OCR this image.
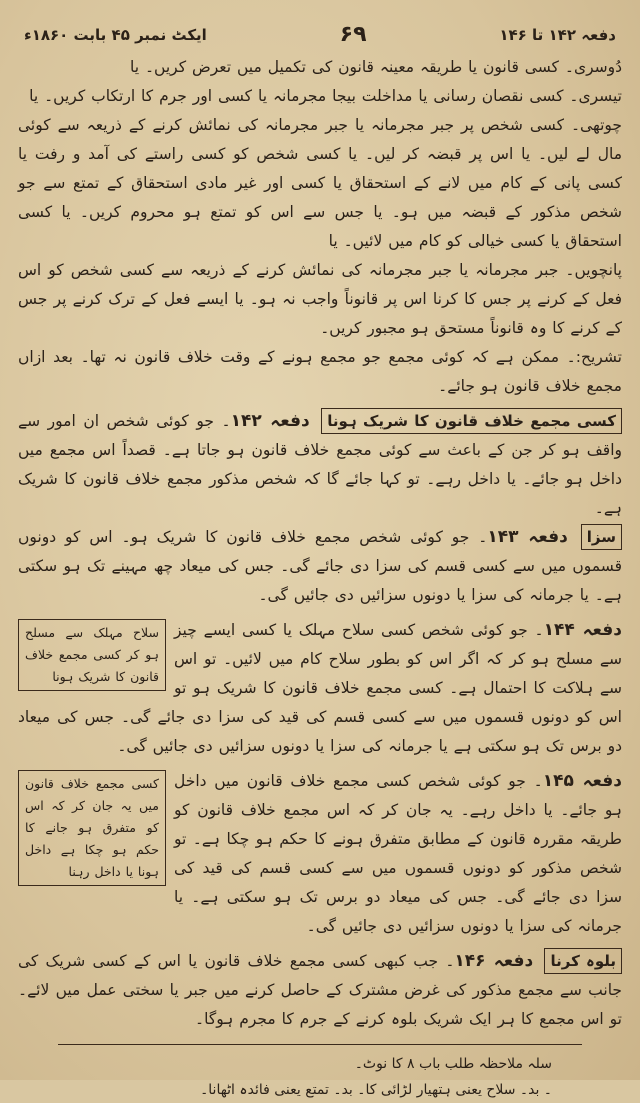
دفعہ ۱۴۲ تا ۱۴۶
۶۹
ایکٹ نمبر ۴۵ بابت ۱۸۶۰ء

دُوسری۔ کسی قانون یا طریقہ معینہ قانون کی تکمیل میں تعرض کریں۔ یا

تیسری۔ کسی نقصان رسانی یا مداخلت بیجا مجرمانہ یا کسی اور جرم کا ارتکاب کریں۔ یا

چوتھی۔ کسی شخص پر جبر مجرمانہ یا جبر مجرمانہ کی نمائش کرنے کے ذریعہ سے کوئی مال لے لیں۔ یا اس پر قبضہ کر لیں۔ یا کسی شخص کو کسی راستے کی آمد و رفت یا کسی پانی کے کام میں لانے کے استحقاق یا کسی اور غیر مادی استحقاق کے تمتع سے جو شخص مذکور کے قبضہ میں ہو۔ یا جس سے اس کو تمتع ہو محروم کریں۔ یا کسی استحقاق یا کسی خیالی کو کام میں لائیں۔ یا

پانچویں۔ جبر مجرمانہ یا جبر مجرمانہ کی نمائش کرنے کے ذریعہ سے کسی شخص کو اس فعل کے کرنے پر جس کا کرنا اس پر قانوناً واجب نہ ہو۔ یا ایسے فعل کے ترک کرنے پر جس کے کرنے کا وہ قانوناً مستحق ہو مجبور کریں۔

تشریح:۔ ممکن ہے کہ کوئی مجمع جو مجمع ہونے کے وقت خلاف قانون نہ تھا۔ بعد ازاں مجمع خلاف قانون ہو جائے۔

کسی مجمع خلاف قانون کا شریک ہونا دفعہ ۱۴۲۔ جو کوئی شخص ان امور سے واقف ہو کر جن کے باعث سے کوئی مجمع خلاف قانون ہو جاتا ہے۔ قصداً اس مجمع میں داخل ہو جائے۔ یا داخل رہے۔ تو کہا جائے گا کہ شخص مذکور مجمع خلاف قانون کا شریک ہے۔

سزا دفعہ ۱۴۳۔ جو کوئی شخص مجمع خلاف قانون کا شریک ہو۔ اس کو دونوں قسموں میں سے کسی قسم کی سزا دی جائے گی۔ جس کی میعاد چھ مہینے تک ہو سکتی ہے۔ یا جرمانہ کی سزا یا دونوں سزائیں دی جائیں گی۔

سلاح مہلک سے مسلح ہو کر کسی مجمع خلاف قانون کا شریک ہونا
دفعہ ۱۴۴۔ جو کوئی شخص کسی سلاح مہلک یا کسی ایسے چیز سے مسلح ہو کر کہ اگر اس کو بطور سلاح کام میں لائیں۔ تو اس سے ہلاکت کا احتمال ہے۔ کسی مجمع خلاف قانون کا شریک ہو تو اس کو دونوں قسموں میں سے کسی قسم کی قید کی سزا دی جائے گی۔ جس کی میعاد دو برس تک ہو سکتی ہے یا جرمانہ کی سزا یا دونوں سزائیں دی جائیں گی۔
کسی مجمع خلاف قانون میں یہ جان کر کہ اس کو متفرق ہو جانے کا حکم ہو چکا ہے داخل ہونا یا داخل رہنا
دفعہ ۱۴۵۔ جو کوئی شخص کسی مجمع خلاف قانون میں داخل ہو جائے۔ یا داخل رہے۔ یہ جان کر کہ اس مجمع خلاف قانون کو طریقہ مقررہ قانون کے مطابق متفرق ہونے کا حکم ہو چکا ہے۔ تو شخص مذکور کو دونوں قسموں میں سے کسی قسم کی قید کی سزا دی جائے گی۔ جس کی میعاد دو برس تک ہو سکتی ہے۔ یا جرمانہ کی سزا یا دونوں سزائیں دی جائیں گی۔

بلوہ کرنا دفعہ ۱۴۶۔ جب کبھی کسی مجمع خلاف قانون یا اس کے کسی شریک کی جانب سے مجمع مذکور کی غرض مشترک کے حاصل کرنے میں جبر یا سختی عمل میں لائے۔ تو اس مجمع کا ہر ایک شریک بلوہ کرنے کے جرم کا مجرم ہوگا۔

سلہ ملاحظہ طلب باب ۸ کا نوٹ۔

۔ بد۔ سلاح یعنی ہتھیار لڑائی کا۔ بد۔ تمتع یعنی فائدہ اٹھانا۔
